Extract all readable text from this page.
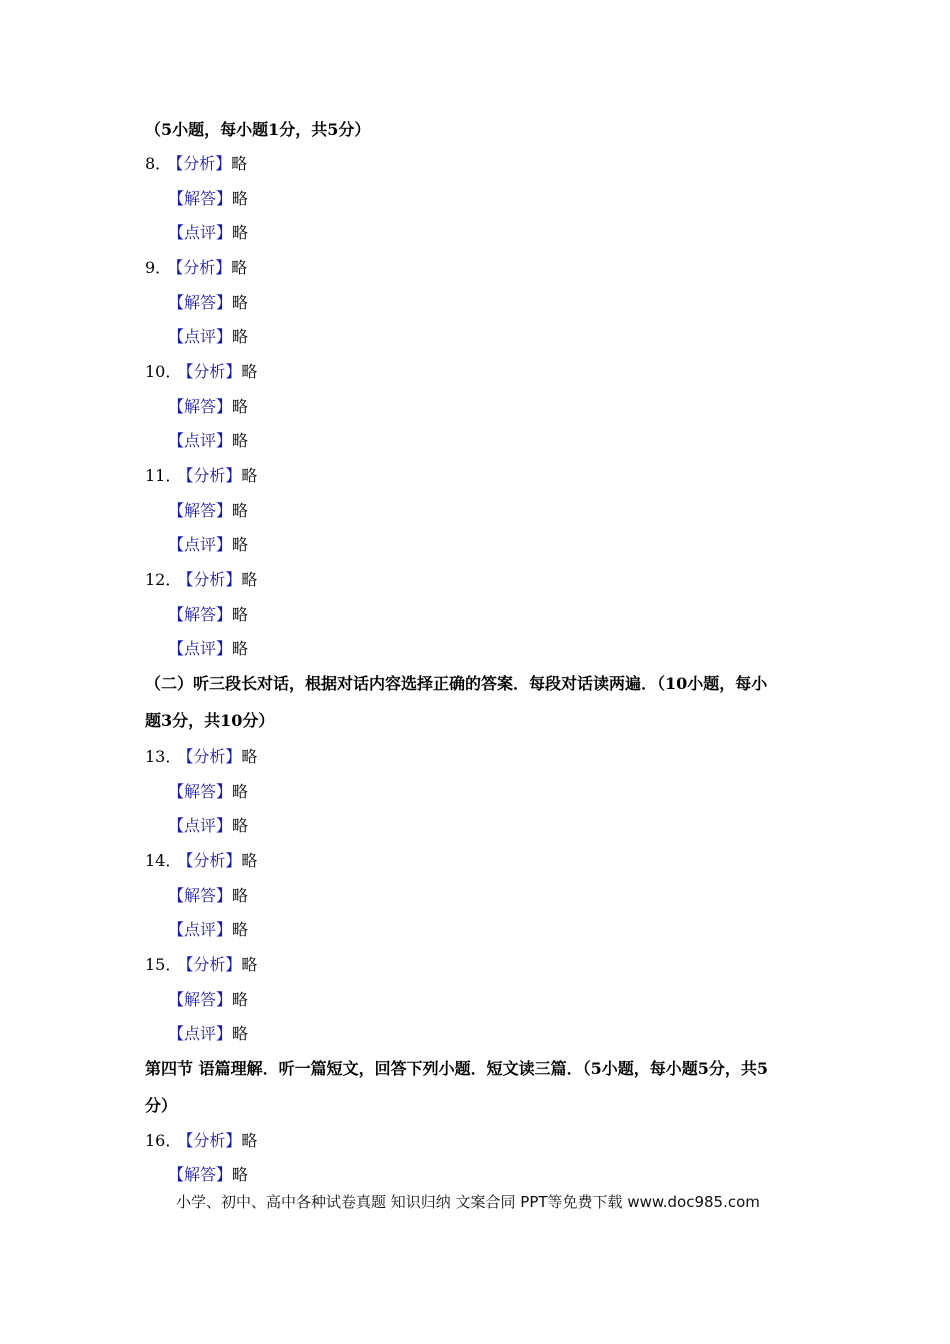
（5小题，每小题1分，共5分）
8． 【分析】略
【解答】略
【点评】略
9． 【分析】略
【解答】略
【点评】略
10． 【分析】略
【解答】略
【点评】略
11． 【分析】略
【解答】略
【点评】略
12． 【分析】略
【解答】略
【点评】略
（二）听三段长对话，根据对话内容选择正确的答案．每段对话读两遍．（10小题，每小
题3分，共10分）
13． 【分析】略
【解答】略
【点评】略
14． 【分析】略
【解答】略
【点评】略
15． 【分析】略
【解答】略
【点评】略
第四节 语篇理解．听一篇短文，回答下列小题．短文读三篇．（5小题，每小题5分，共5
分）
16． 【分析】略
【解答】略
小学、初中、高中各种试卷真题 知识归纳 文案合同 PPT等免费下载 www.doc985.com
